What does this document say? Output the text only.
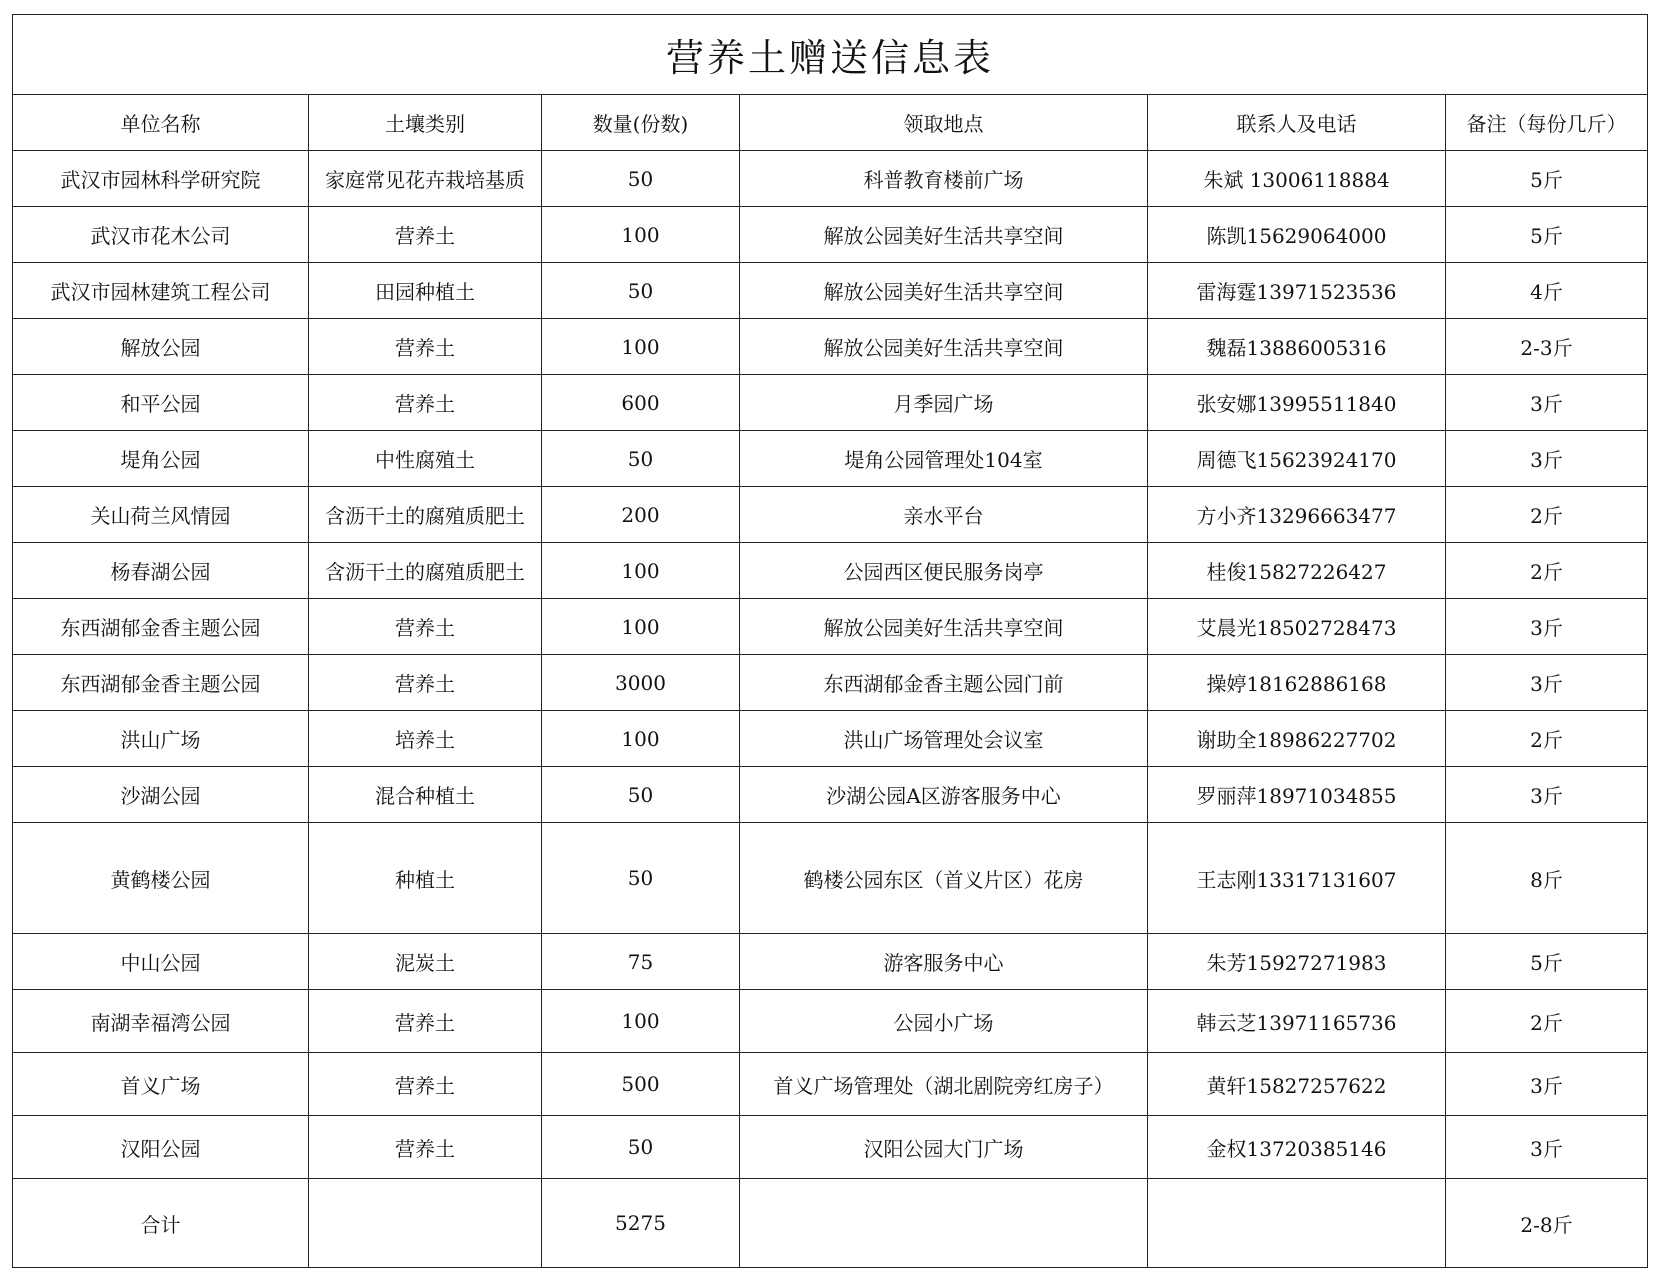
营养土赠送信息表					
单位名称	土壤类别	数量(份数)	领取地点	联系人及电话	备注（每份几斤）
武汉市园林科学研究院	家庭常见花卉栽培基质	50	科普教育楼前广场	朱斌 13006118884	5斤
武汉市花木公司	营养土	100	解放公园美好生活共享空间	陈凯15629064000	5斤
武汉市园林建筑工程公司	田园种植土	50	解放公园美好生活共享空间	雷海霆13971523536	4斤
解放公园	营养土	100	解放公园美好生活共享空间	魏磊13886005316	2-3斤
和平公园	营养土	600	月季园广场	张安娜13995511840	3斤
堤角公园	中性腐殖土	50	堤角公园管理处104室	周德飞15623924170	3斤
关山荷兰风情园	含沥干土的腐殖质肥土	200	亲水平台	方小齐13296663477	2斤
杨春湖公园	含沥干土的腐殖质肥土	100	公园西区便民服务岗亭	桂俊15827226427	2斤
东西湖郁金香主题公园	营养土	100	解放公园美好生活共享空间	艾晨光18502728473	3斤
东西湖郁金香主题公园	营养土	3000	东西湖郁金香主题公园门前	操婷18162886168	3斤
洪山广场	培养土	100	洪山广场管理处会议室	谢助全18986227702	2斤
沙湖公园	混合种植土	50	沙湖公园A区游客服务中心	罗丽萍18971034855	3斤
黄鹤楼公园	种植土	50	鹤楼公园东区（首义片区）花房	王志刚13317131607	8斤
中山公园	泥炭土	75	游客服务中心	朱芳15927271983	5斤
南湖幸福湾公园	营养土	100	公园小广场	韩云芝13971165736	2斤
首义广场	营养土	500	首义广场管理处（湖北剧院旁红房子）	黄轩15827257622	3斤
汉阳公园	营养土	50	汉阳公园大门广场	金权13720385146	3斤
合计		5275			2-8斤
